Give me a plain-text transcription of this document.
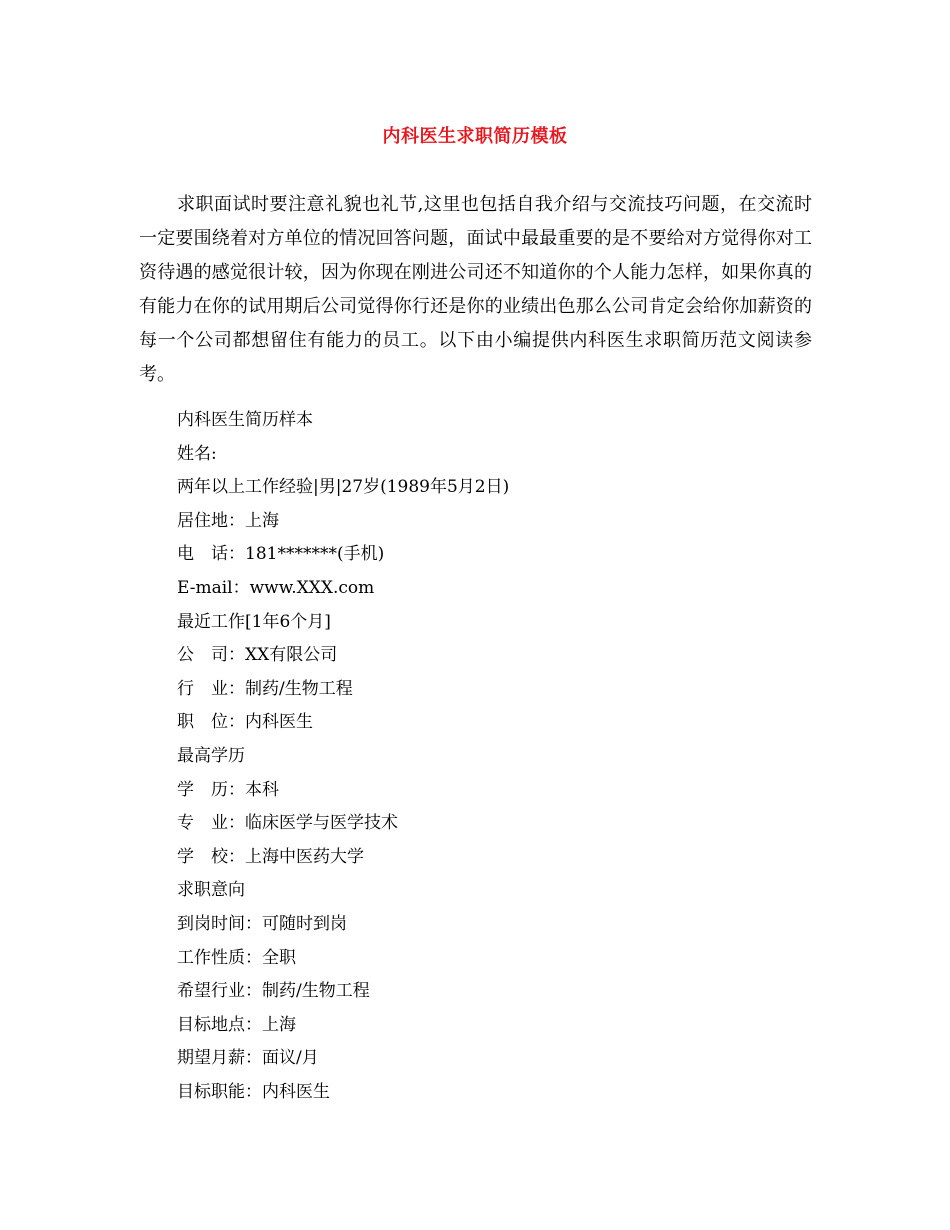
内科医生求职简历模板

求职面试时要注意礼貌也礼节,这里也包括自我介绍与交流技巧问题，在交流时一定要围绕着对方单位的情况回答问题，面试中最最重要的是不要给对方觉得你对工资待遇的感觉很计较，因为你现在刚进公司还不知道你的个人能力怎样，如果你真的有能力在你的试用期后公司觉得你行还是你的业绩出色那么公司肯定会给你加薪资的每一个公司都想留住有能力的员工。以下由小编提供内科医生求职简历范文阅读参考。

内科医生简历样本
姓名:
两年以上工作经验|男|27岁(1989年5月2日)
居住地：上海
电　话：181*******(手机)
E-mail：www.XXX.com
最近工作[1年6个月]
公　司：XX有限公司
行　业：制药/生物工程
职　位：内科医生
最高学历
学　历：本科
专　业：临床医学与医学技术
学　校：上海中医药大学
求职意向
到岗时间：可随时到岗
工作性质：全职
希望行业：制药/生物工程
目标地点：上海
期望月薪：面议/月
目标职能：内科医生
